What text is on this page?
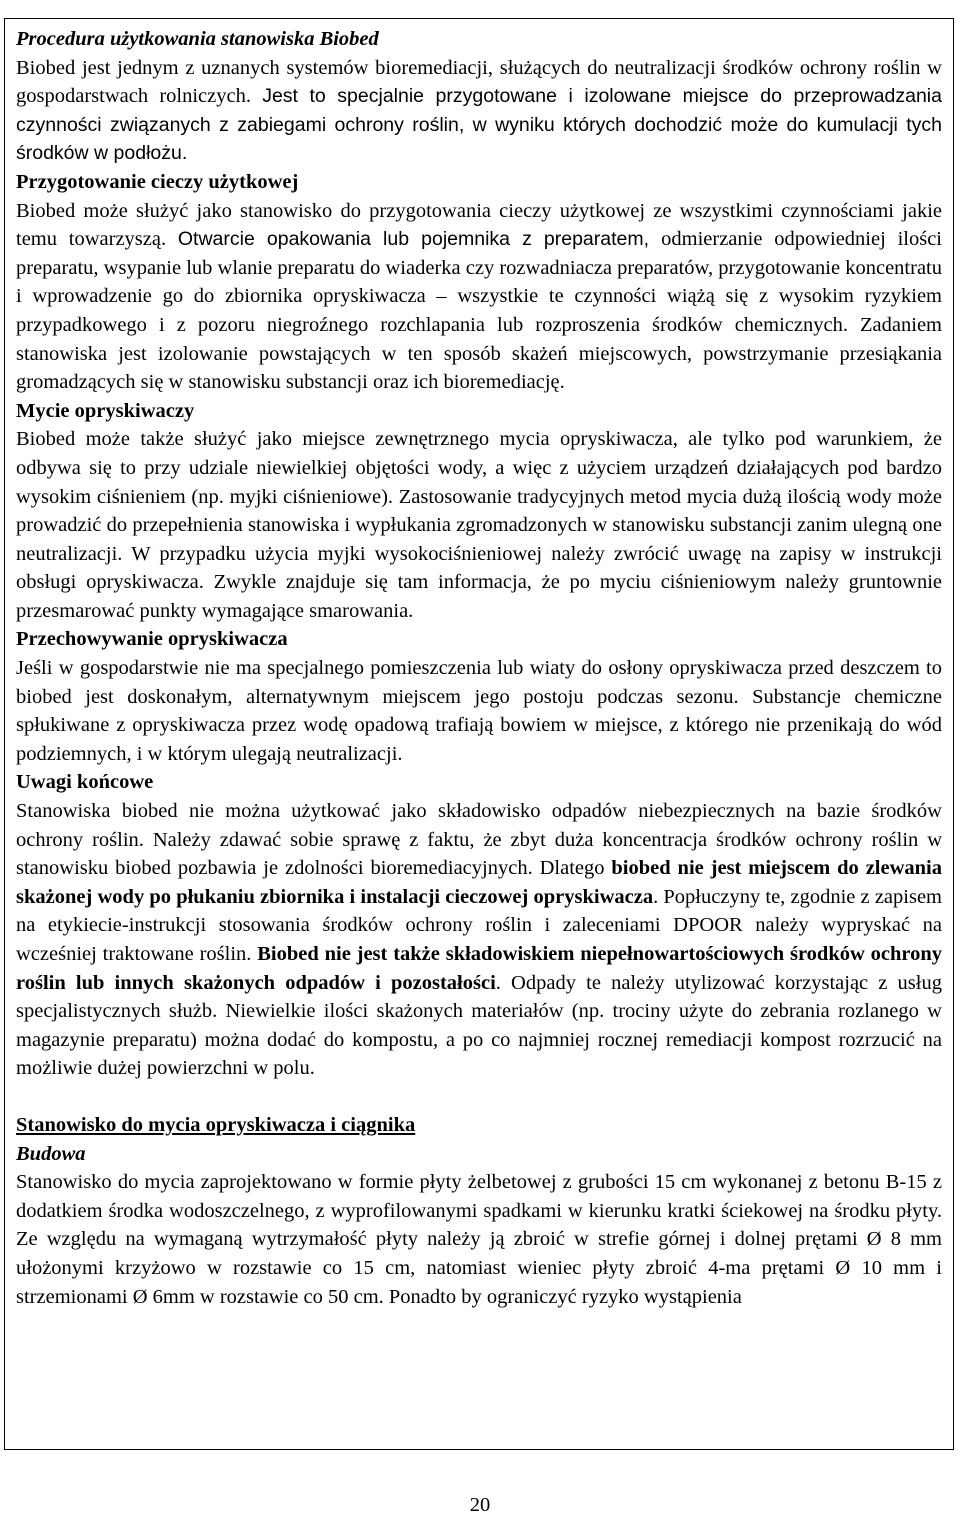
Procedura użytkowania stanowiska Biobed

Biobed jest jednym z uznanych systemów bioremediacji, służących do neutralizacji środków ochrony roślin w gospodarstwach rolniczych. Jest to specjalnie przygotowane i izolowane miejsce do przeprowadzania czynności związanych z zabiegami ochrony roślin, w wyniku których dochodzić może do kumulacji tych środków w podłożu.

Przygotowanie cieczy użytkowej

Biobed może służyć jako stanowisko do przygotowania cieczy użytkowej ze wszystkimi czynnościami jakie temu towarzyszą. Otwarcie opakowania lub pojemnika z preparatem, odmierzanie odpowiedniej ilości preparatu, wsypanie lub wlanie preparatu do wiaderka czy rozwadniacza preparatów, przygotowanie koncentratu i wprowadzenie go do zbiornika opryskiwacza – wszystkie te czynności wiążą się z wysokim ryzykiem przypadkowego i z pozoru niegroźnego rozchlapania lub rozproszenia środków chemicznych. Zadaniem stanowiska jest izolowanie powstających w ten sposób skażeń miejscowych, powstrzymanie przesiąkania gromadzących się w stanowisku substancji oraz ich bioremediację.

Mycie opryskiwaczy

Biobed może także służyć jako miejsce zewnętrznego mycia opryskiwacza, ale tylko pod warunkiem, że odbywa się to przy udziale niewielkiej objętości wody, a więc z użyciem urządzeń działających pod bardzo wysokim ciśnieniem (np. myjki ciśnieniowe). Zastosowanie tradycyjnych metod mycia dużą ilością wody może prowadzić do przepełnienia stanowiska i wypłukania zgromadzonych w stanowisku substancji zanim ulegną one neutralizacji. W przypadku użycia myjki wysokociśnieniowej należy zwrócić uwagę na zapisy w instrukcji obsługi opryskiwacza. Zwykle znajduje się tam informacja, że po myciu ciśnieniowym należy gruntownie przesmarować punkty wymagające smarowania.

Przechowywanie opryskiwacza

Jeśli w gospodarstwie nie ma specjalnego pomieszczenia lub wiaty do osłony opryskiwacza przed deszczem to biobed jest doskonałym, alternatywnym miejscem jego postoju podczas sezonu. Substancje chemiczne spłukiwane z opryskiwacza przez wodę opadową trafiają bowiem w miejsce, z którego nie przenikają do wód podziemnych, i w którym ulegają neutralizacji.

Uwagi końcowe

Stanowiska biobed nie można użytkować jako składowisko odpadów niebezpiecznych na bazie środków ochrony roślin. Należy zdawać sobie sprawę z faktu, że zbyt duża koncentracja środków ochrony roślin w stanowisku biobed pozbawia je zdolności bioremediacyjnych. Dlatego biobed nie jest miejscem do zlewania skażonej wody po płukaniu zbiornika i instalacji cieczowej opryskiwacza. Popłuczyny te, zgodnie z zapisem na etykiecie-instrukcji stosowania środków ochrony roślin i zaleceniami DPOOR należy wypryskać na wcześniej traktowane roślin. Biobed nie jest także składowiskiem niepełnowartościowych środków ochrony roślin lub innych skażonych odpadów i pozostałości. Odpady te należy utylizować korzystając z usług specjalistycznych służb. Niewielkie ilości skażonych materiałów (np. trociny użyte do zebrania rozlanego w magazynie preparatu) można dodać do kompostu, a po co najmniej rocznej remediacji kompost rozrzucić na możliwie dużej powierzchni w polu.

Stanowisko do mycia opryskiwacza i ciągnika
Budowa

Stanowisko do mycia zaprojektowano w formie płyty żelbetowej z grubości 15 cm wykonanej z betonu B-15 z dodatkiem środka wodoszczelnego, z wyprofilowanymi spadkami w kierunku kratki ściekowej na środku płyty. Ze względu na wymaganą wytrzymałość płyty należy ją zbroić w strefie górnej i dolnej prętami Ø 8 mm ułożonymi krzyżowo w rozstawie co 15 cm, natomiast wieniec płyty zbroić 4-ma prętami Ø 10 mm i strzemionami Ø 6mm w rozstawie co 50 cm. Ponadto by ograniczyć ryzyko wystąpienia

20
